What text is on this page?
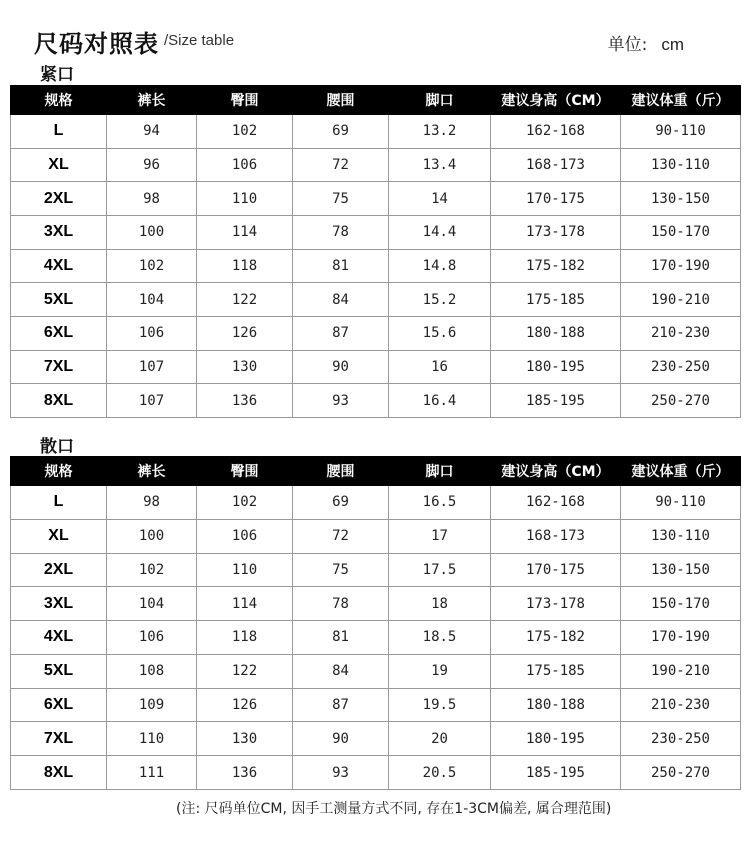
尺码对照表 /Size table	单位: cm
紧口
规格	裤长	臀围	腰围	脚口	建议身高（CM）	建议体重（斤）
L	94	102	69	13.2	162-168	90-110
XL	96	106	72	13.4	168-173	130-110
2XL	98	110	75	14	170-175	130-150
3XL	100	114	78	14.4	173-178	150-170
4XL	102	118	81	14.8	175-182	170-190
5XL	104	122	84	15.2	175-185	190-210
6XL	106	126	87	15.6	180-188	210-230
7XL	107	130	90	16	180-195	230-250
8XL	107	136	93	16.4	185-195	250-270
散口
规格	裤长	臀围	腰围	脚口	建议身高（CM）	建议体重（斤）
L	98	102	69	16.5	162-168	90-110
XL	100	106	72	17	168-173	130-110
2XL	102	110	75	17.5	170-175	130-150
3XL	104	114	78	18	173-178	150-170
4XL	106	118	81	18.5	175-182	170-190
5XL	108	122	84	19	175-185	190-210
6XL	109	126	87	19.5	180-188	210-230
7XL	110	130	90	20	180-195	230-250
8XL	111	136	93	20.5	185-195	250-270
(注: 尺码单位CM, 因手工测量方式不同, 存在1-3CM偏差, 属合理范围)
